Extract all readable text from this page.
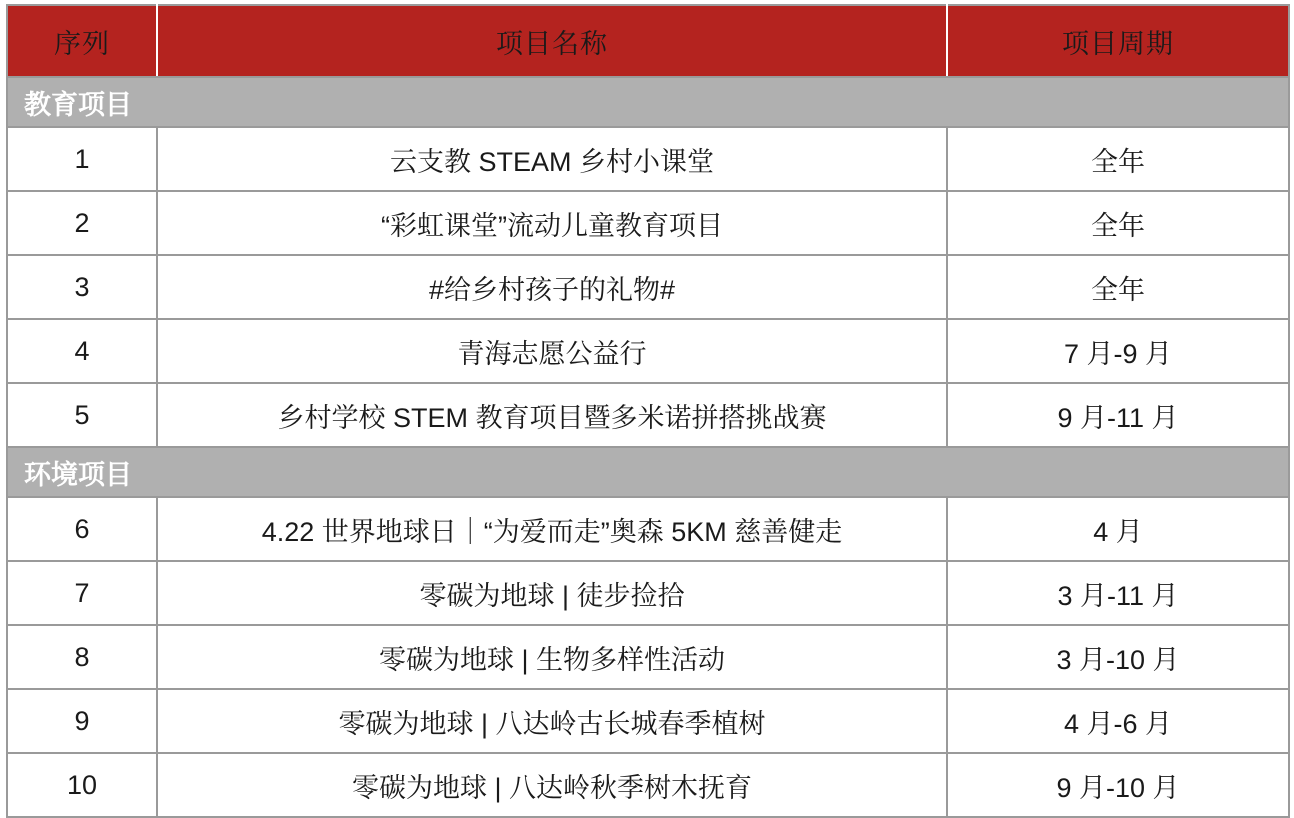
序列	项目名称	项目周期
教育项目		
1	云支教 STEAM 乡村小课堂	全年
2	“彩虹课堂”流动儿童教育项目	全年
3	#给乡村孩子的礼物#	全年
4	青海志愿公益行	7 月-9 月
5	乡村学校 STEM 教育项目暨多米诺拼搭挑战赛	9 月-11 月
环境项目		
6	4.22 世界地球日｜“为爱而走”奥森 5KM 慈善健走	4 月
7	零碳为地球 | 徒步捡拾	3 月-11 月
8	零碳为地球 | 生物多样性活动	3 月-10 月
9	零碳为地球 | 八达岭古长城春季植树	4 月-6 月
10	零碳为地球 | 八达岭秋季树木抚育	9 月-10 月
